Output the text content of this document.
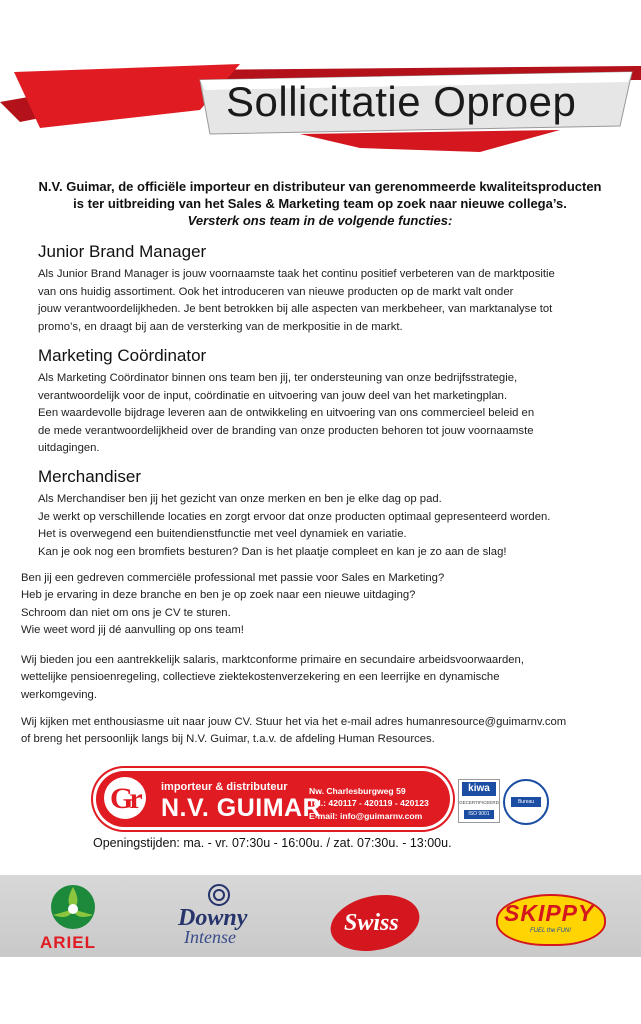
Sollicitatie Oproep
N.V. Guimar, de officiële importeur en distributeur van gerenommeerde kwaliteitsproducten
is ter uitbreiding van het Sales & Marketing team op zoek naar nieuwe collega’s.
Versterk ons team in de volgende functies:
Junior Brand Manager

Als Junior Brand Manager is jouw voornaamste taak het continu positief verbeteren van de marktpositie

van ons huidig assortiment. Ook het introduceren van nieuwe producten op de markt valt onder

jouw verantwoordelijkheden. Je bent betrokken bij alle aspecten van merkbeheer, van marktanalyse tot

promo’s, en draagt bij aan de versterking van de merkpositie in de markt.

Marketing Coördinator

Als Marketing Coördinator binnen ons team ben jij, ter ondersteuning van onze bedrijfsstrategie,

verantwoordelijk voor de input, coördinatie en uitvoering van jouw deel van het marketingplan.

Een waardevolle bijdrage leveren aan de ontwikkeling en uitvoering van ons commercieel beleid en

de mede verantwoordelijkheid over de branding van onze producten behoren tot jouw voornaamste

uitdagingen.

Merchandiser

Als Merchandiser ben jij het gezicht van onze merken en ben je elke dag op pad.

Je werkt op verschillende locaties en zorgt ervoor dat onze producten optimaal gepresenteerd worden.

Het is overwegend een buitendienstfunctie met veel dynamiek en variatie.

Kan je ook nog een bromfiets besturen? Dan is het plaatje compleet en kan je zo aan de slag!

Ben jij een gedreven commerciële professional met passie voor Sales en Marketing?

Heb je ervaring in deze branche en ben je op zoek naar een nieuwe uitdaging?

Schroom dan niet om ons je CV te sturen.

Wie weet word jij dé aanvulling op ons team!

Wij bieden jou een aantrekkelijk salaris, marktconforme primaire en secundaire arbeidsvoorwaarden,

wettelijke pensioenregeling, collectieve ziektekostenverzekering en een leerrijke en dynamische

werkomgeving.

Wij kijken met enthousiasme uit naar jouw CV. Stuur het via het e-mail adres humanresource@guimarnv.com

of breng het persoonlijk langs bij N.V. Guimar, t.a.v. de afdeling Human Resources.

Gr importeur & distributeur
N.V. GUIMAR
Nw. Charlesburgweg 59
Tel.: 420117 - 420119 - 420123
E-mail: info@guimarnv.com
kiwa
GECERTIFICEERD
ISO 9001
Bureau
Openingstijden: ma. - vr. 07:30u - 16:00u. / zat. 07:30u. - 13:00u.
ARIEL
Downy
Intense
Swiss	SKIPPY
FUEL the FUN!
